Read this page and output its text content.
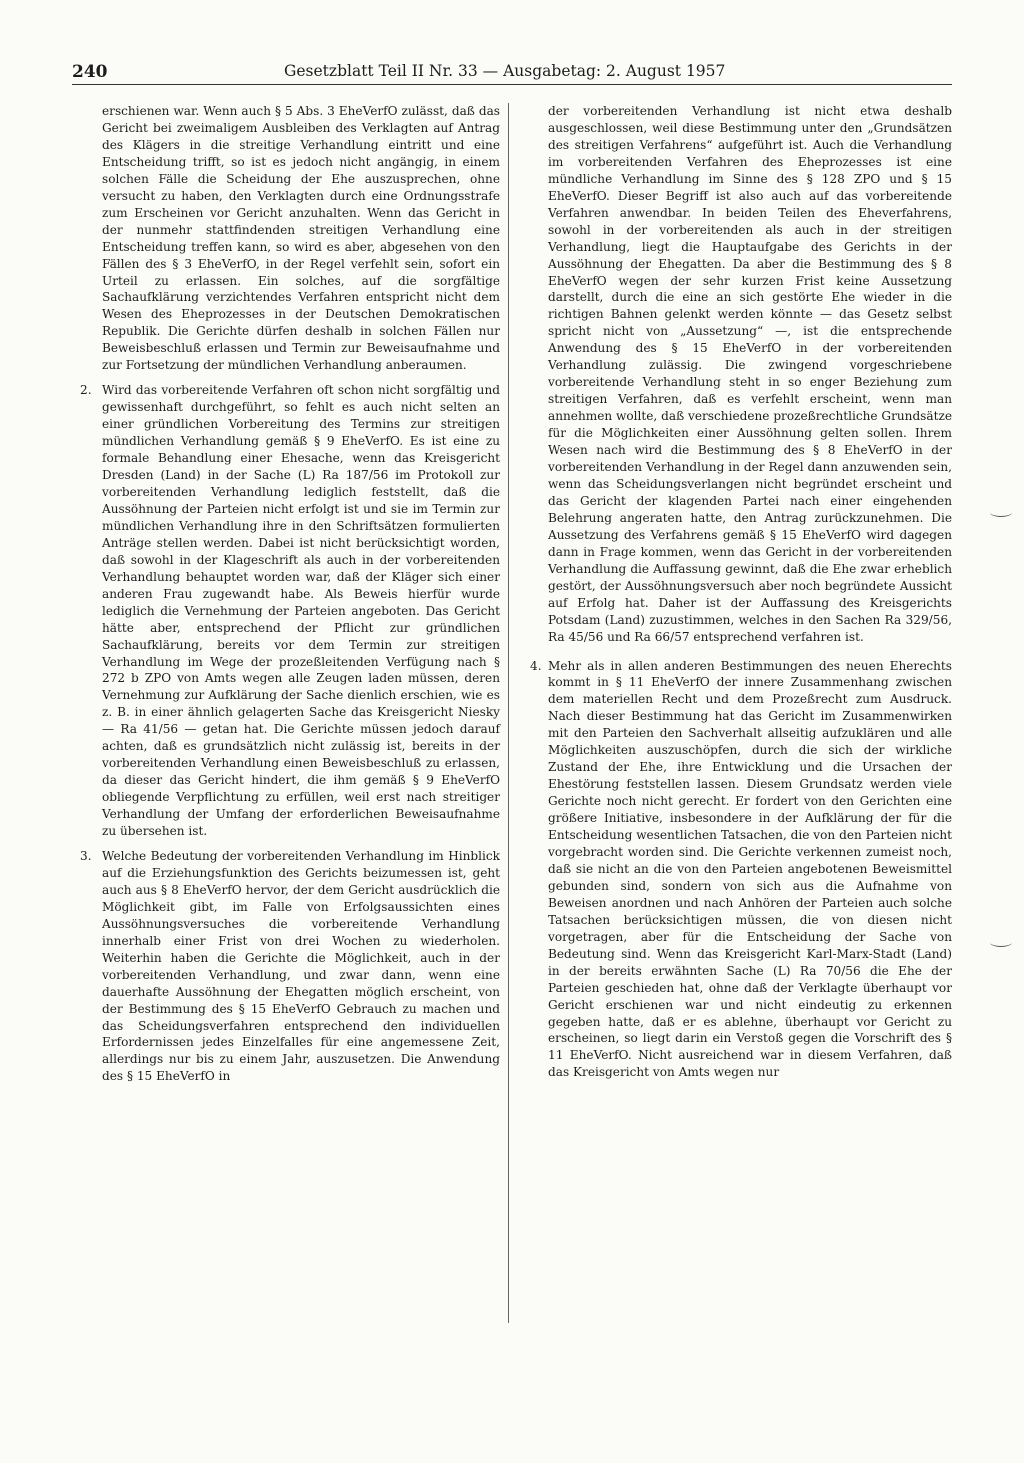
240	Gesetzblatt Teil II Nr. 33 — Ausgabetag: 2. August 1957
erschienen war. Wenn auch § 5 Abs. 3 EheVerfO zulässt, daß das Gericht bei zweimaligem Ausbleiben des Verklagten auf Antrag des Klägers in die streitige Verhandlung eintritt und eine Entscheidung trifft, so ist es jedoch nicht angängig, in einem solchen Fälle die Scheidung der Ehe auszusprechen, ohne versucht zu haben, den Verklagten durch eine Ordnungsstrafe zum Erscheinen vor Gericht anzuhalten. Wenn das Gericht in der nunmehr stattfindenden streitigen Verhandlung eine Entscheidung treffen kann, so wird es aber, abgesehen von den Fällen des § 3 EheVerfO, in der Regel verfehlt sein, sofort ein Urteil zu erlassen. Ein solches, auf die sorgfältige Sachaufklärung verzichtendes Verfahren entspricht nicht dem Wesen des Eheprozesses in der Deutschen Demokratischen Republik. Die Gerichte dürfen deshalb in solchen Fällen nur Beweisbeschluß erlassen und Termin zur Beweisaufnahme und zur Fortsetzung der mündlichen Verhandlung anberaumen.
2. Wird das vorbereitende Verfahren oft schon nicht sorgfältig und gewissenhaft durchgeführt, so fehlt es auch nicht selten an einer gründlichen Vorbereitung des Termins zur streitigen mündlichen Verhandlung gemäß § 9 EheVerfO. Es ist eine zu formale Behandlung einer Ehesache, wenn das Kreisgericht Dresden (Land) in der Sache (L) Ra 187/56 im Protokoll zur vorbereitenden Verhandlung lediglich feststellt, daß die Aussöhnung der Parteien nicht erfolgt ist und sie im Termin zur mündlichen Verhandlung ihre in den Schriftsätzen formulierten Anträge stellen werden. Dabei ist nicht berücksichtigt worden, daß sowohl in der Klageschrift als auch in der vorbereitenden Verhandlung behauptet worden war, daß der Kläger sich einer anderen Frau zugewandt habe. Als Beweis hierfür wurde lediglich die Vernehmung der Parteien angeboten. Das Gericht hätte aber, entsprechend der Pflicht zur gründlichen Sachaufklärung, bereits vor dem Termin zur streitigen Verhandlung im Wege der prozeßleitenden Verfügung nach § 272 b ZPO von Amts wegen alle Zeugen laden müssen, deren Vernehmung zur Aufklärung der Sache dienlich erschien, wie es z. B. in einer ähnlich gelagerten Sache das Kreisgericht Niesky — Ra 41/56 — getan hat. Die Gerichte müssen jedoch darauf achten, daß es grundsätzlich nicht zulässig ist, bereits in der vorbereitenden Verhandlung einen Beweisbeschluß zu erlassen, da dieser das Gericht hindert, die ihm gemäß § 9 EheVerfO obliegende Verpflichtung zu erfüllen, weil erst nach streitiger Verhandlung der Umfang der erforderlichen Beweisaufnahme zu übersehen ist.
3. Welche Bedeutung der vorbereitenden Verhandlung im Hinblick auf die Erziehungsfunktion des Gerichts beizumessen ist, geht auch aus § 8 EheVerfO hervor, der dem Gericht ausdrücklich die Möglichkeit gibt, im Falle von Erfolgsaussichten eines Aussöhnungsversuches die vorbereitende Verhandlung innerhalb einer Frist von drei Wochen zu wiederholen. Weiterhin haben die Gerichte die Möglichkeit, auch in der vorbereitenden Verhandlung, und zwar dann, wenn eine dauerhafte Aussöhnung der Ehegatten möglich erscheint, von der Bestimmung des § 15 EheVerfO Gebrauch zu machen und das Scheidungsverfahren entsprechend den individuellen Erfordernissen jedes Einzelfalles für eine angemessene Zeit, allerdings nur bis zu einem Jahr, auszusetzen. Die Anwendung des § 15 EheVerfO in
der vorbereitenden Verhandlung ist nicht etwa deshalb ausgeschlossen, weil diese Bestimmung unter den „Grundsätzen des streitigen Verfahrens“ aufgeführt ist. Auch die Verhandlung im vorbereitenden Verfahren des Eheprozesses ist eine mündliche Verhandlung im Sinne des § 128 ZPO und § 15 EheVerfO. Dieser Begriff ist also auch auf das vorbereitende Verfahren anwendbar. In beiden Teilen des Eheverfahrens, sowohl in der vorbereitenden als auch in der streitigen Verhandlung, liegt die Hauptaufgabe des Gerichts in der Aussöhnung der Ehegatten. Da aber die Bestimmung des § 8 EheVerfO wegen der sehr kurzen Frist keine Aussetzung darstellt, durch die eine an sich gestörte Ehe wieder in die richtigen Bahnen gelenkt werden könnte — das Gesetz selbst spricht nicht von „Aussetzung“ —, ist die entsprechende Anwendung des § 15 EheVerfO in der vorbereitenden Verhandlung zulässig. Die zwingend vorgeschriebene vorbereitende Verhandlung steht in so enger Beziehung zum streitigen Verfahren, daß es verfehlt erscheint, wenn man annehmen wollte, daß verschiedene prozeßrechtliche Grundsätze für die Möglichkeiten einer Aussöhnung gelten sollen. Ihrem Wesen nach wird die Bestimmung des § 8 EheVerfO in der vorbereitenden Verhandlung in der Regel dann anzuwenden sein, wenn das Scheidungsverlangen nicht begründet erscheint und das Gericht der klagenden Partei nach einer eingehenden Belehrung angeraten hatte, den Antrag zurückzunehmen. Die Aussetzung des Verfahrens gemäß § 15 EheVerfO wird dagegen dann in Frage kommen, wenn das Gericht in der vorbereitenden Verhandlung die Auffassung gewinnt, daß die Ehe zwar erheblich gestört, der Aussöhnungsversuch aber noch begründete Aussicht auf Erfolg hat. Daher ist der Auffassung des Kreisgerichts Potsdam (Land) zuzustimmen, welches in den Sachen Ra 329/56, Ra 45/56 und Ra 66/57 entsprechend verfahren ist.
4. Mehr als in allen anderen Bestimmungen des neuen Eherechts kommt in § 11 EheVerfO der innere Zusammenhang zwischen dem materiellen Recht und dem Prozeßrecht zum Ausdruck. Nach dieser Bestimmung hat das Gericht im Zusammenwirken mit den Parteien den Sachverhalt allseitig aufzuklären und alle Möglichkeiten auszuschöpfen, durch die sich der wirkliche Zustand der Ehe, ihre Entwicklung und die Ursachen der Ehestörung feststellen lassen. Diesem Grundsatz werden viele Gerichte noch nicht gerecht. Er fordert von den Gerichten eine größere Initiative, insbesondere in der Aufklärung der für die Entscheidung wesentlichen Tatsachen, die von den Parteien nicht vorgebracht worden sind. Die Gerichte verkennen zumeist noch, daß sie nicht an die von den Parteien angebotenen Beweismittel gebunden sind, sondern von sich aus die Aufnahme von Beweisen anordnen und nach Anhören der Parteien auch solche Tatsachen berücksichtigen müssen, die von diesen nicht vorgetragen, aber für die Entscheidung der Sache von Bedeutung sind. Wenn das Kreisgericht Karl-Marx-Stadt (Land) in der bereits erwähnten Sache (L) Ra 70/56 die Ehe der Parteien geschieden hat, ohne daß der Verklagte überhaupt vor Gericht erschienen war und nicht eindeutig zu erkennen gegeben hatte, daß er es ablehne, überhaupt vor Gericht zu erscheinen, so liegt darin ein Verstoß gegen die Vorschrift des § 11 EheVerfO. Nicht ausreichend war in diesem Verfahren, daß das Kreisgericht von Amts wegen nur
